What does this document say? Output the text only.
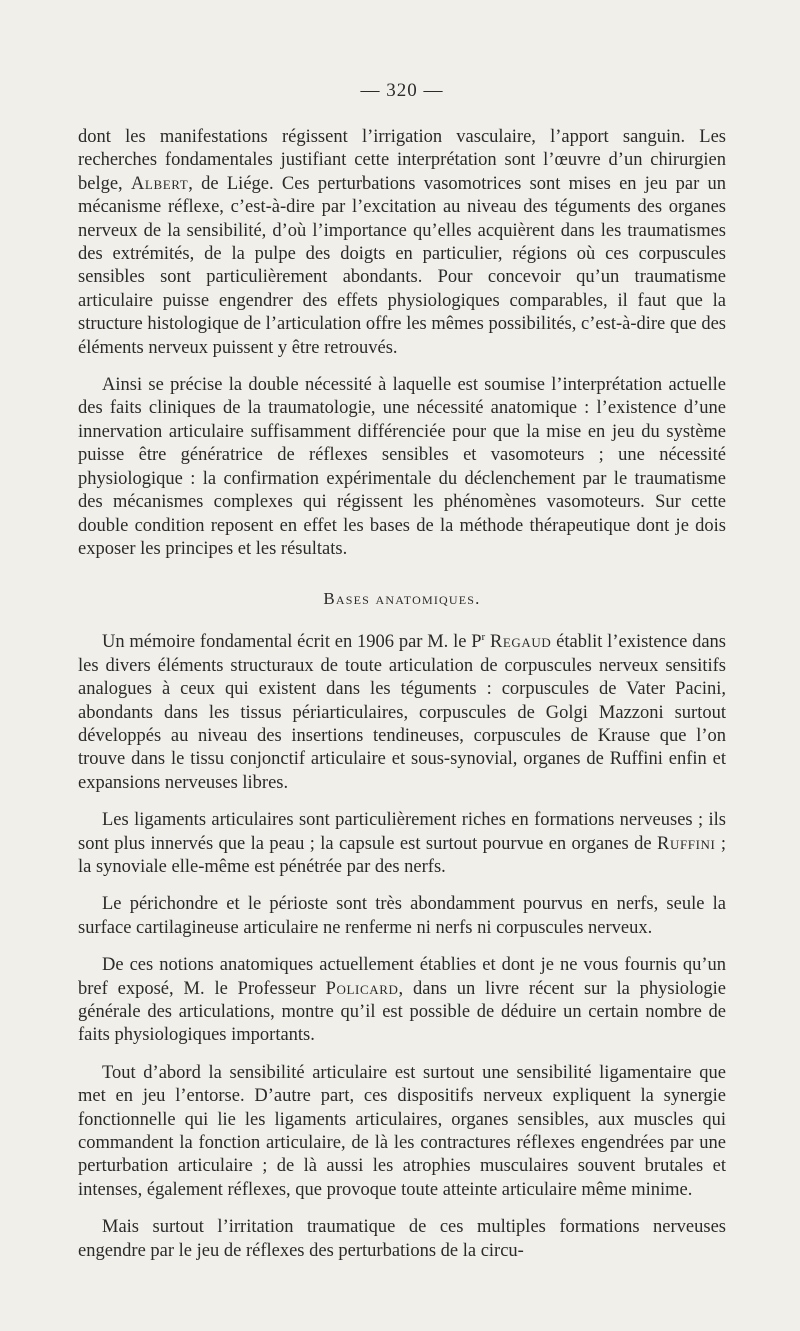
— 320 —

dont les manifestations régissent l’irrigation vasculaire, l’apport sanguin. Les recherches fondamentales justifiant cette interprétation sont l’œuvre d’un chirurgien belge, Albert, de Liége. Ces perturbations vasomotrices sont mises en jeu par un mécanisme réflexe, c’est-à-dire par l’excitation au niveau des téguments des organes nerveux de la sensibilité, d’où l’importance qu’elles acquièrent dans les traumatismes des extrémités, de la pulpe des doigts en particulier, régions où ces corpuscules sensibles sont particulièrement abondants. Pour concevoir qu’un traumatisme articulaire puisse engendrer des effets physiologiques comparables, il faut que la structure histologique de l’articulation offre les mêmes possibilités, c’est-à-dire que des éléments nerveux puissent y être retrouvés.

Ainsi se précise la double nécessité à laquelle est soumise l’interprétation actuelle des faits cliniques de la traumatologie, une nécessité anatomique : l’existence d’une innervation articulaire suffisamment différenciée pour que la mise en jeu du système puisse être génératrice de réflexes sensibles et vasomoteurs ; une nécessité physiologique : la confirmation expérimentale du déclenchement par le traumatisme des mécanismes complexes qui régissent les phénomènes vasomoteurs. Sur cette double condition reposent en effet les bases de la méthode thérapeutique dont je dois exposer les principes et les résultats.

Bases anatomiques.

Un mémoire fondamental écrit en 1906 par M. le $P^r$ Regaud établit l’existence dans les divers éléments structuraux de toute articulation de corpuscules nerveux sensitifs analogues à ceux qui existent dans les téguments : corpuscules de Vater Pacini, abondants dans les tissus périarticulaires, corpuscules de Golgi Mazzoni surtout développés au niveau des insertions tendineuses, corpuscules de Krause que l’on trouve dans le tissu conjonctif articulaire et sous-synovial, organes de Ruffini enfin et expansions nerveuses libres.

Les ligaments articulaires sont particulièrement riches en formations nerveuses ; ils sont plus innervés que la peau ; la capsule est surtout pourvue en organes de Ruffini ; la synoviale elle-même est pénétrée par des nerfs.

Le périchondre et le périoste sont très abondamment pourvus en nerfs, seule la surface cartilagineuse articulaire ne renferme ni nerfs ni corpuscules nerveux.

De ces notions anatomiques actuellement établies et dont je ne vous fournis qu’un bref exposé, M. le Professeur Policard, dans un livre récent sur la physiologie générale des articulations, montre qu’il est possible de déduire un certain nombre de faits physiologiques importants.

Tout d’abord la sensibilité articulaire est surtout une sensibilité ligamentaire que met en jeu l’entorse. D’autre part, ces dispositifs nerveux expliquent la synergie fonctionnelle qui lie les ligaments articulaires, organes sensibles, aux muscles qui commandent la fonction articulaire, de là les contractures réflexes engendrées par une perturbation articulaire ; de là aussi les atrophies musculaires souvent brutales et intenses, également réflexes, que provoque toute atteinte articulaire même minime.

Mais surtout l’irritation traumatique de ces multiples formations nerveuses engendre par le jeu de réflexes des perturbations de la circu-
